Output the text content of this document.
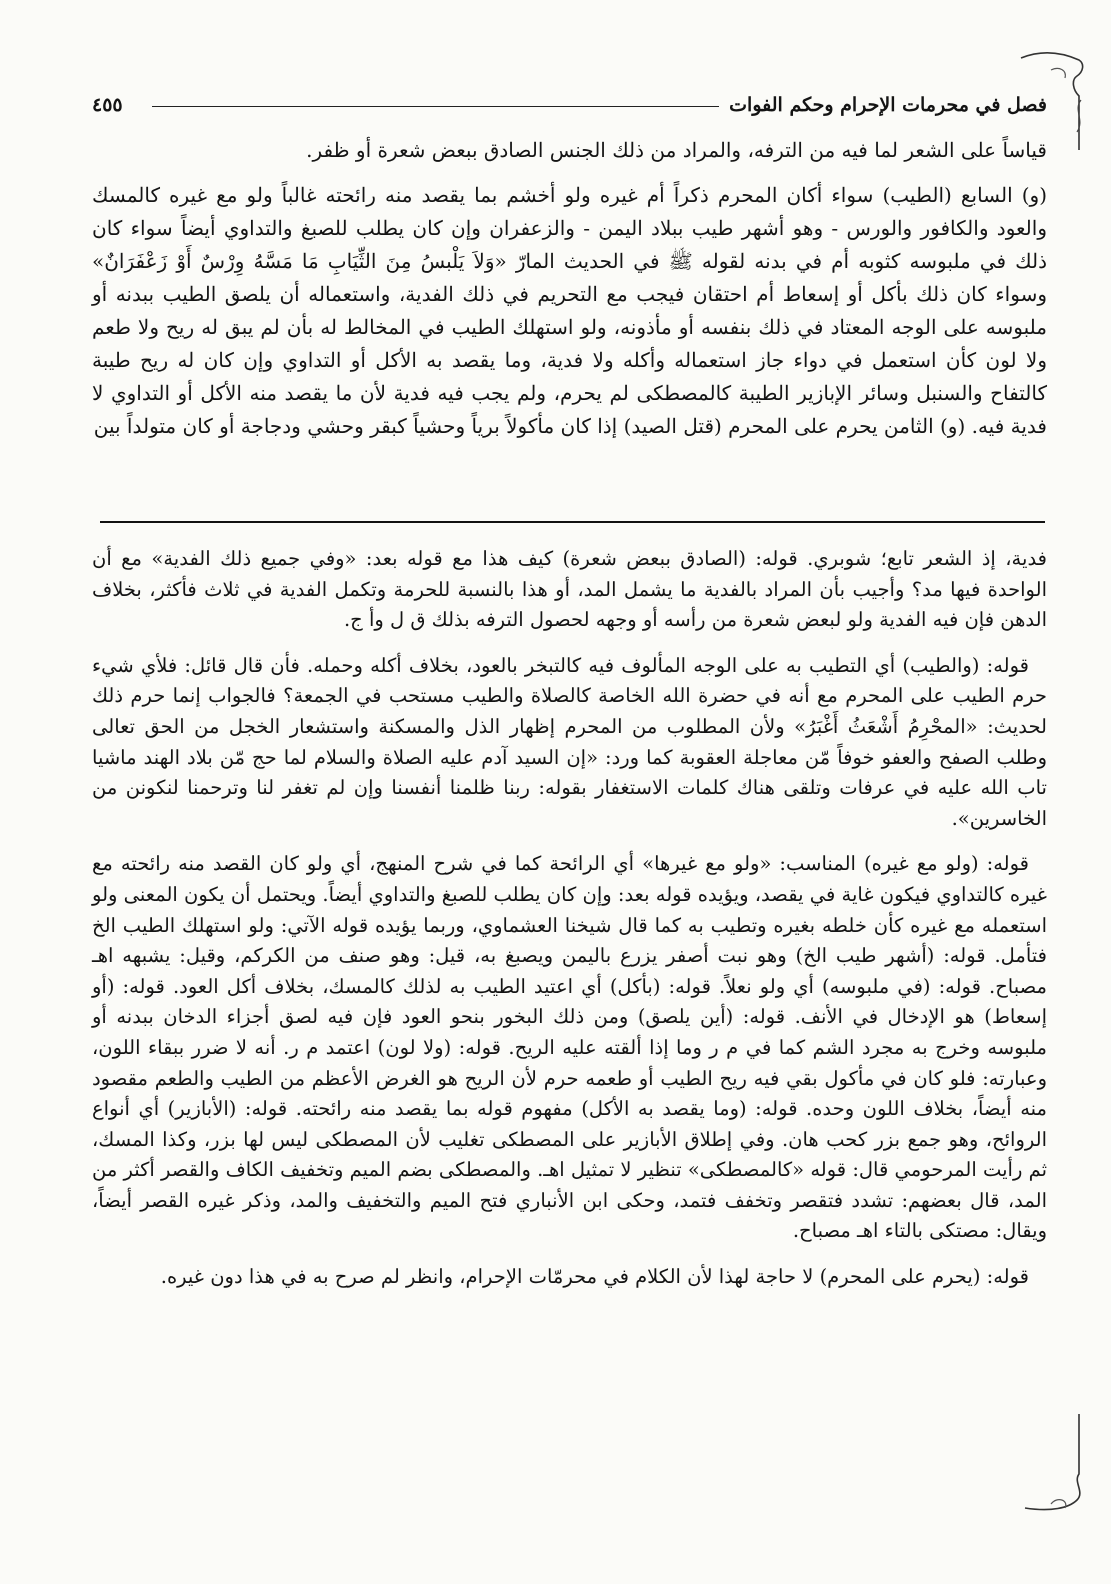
فصل في محرمات الإحرام وحكم الفوات
٤٥٥

قياساً على الشعر لما فيه من الترفه، والمراد من ذلك الجنس الصادق ببعض شعرة أو ظفر.

(و) السابع (الطيب) سواء أكان المحرم ذكراً أم غيره ولو أخشم بما يقصد منه رائحته غالباً ولو مع غيره كالمسك والعود والكافور والورس - وهو أشهر طيب ببلاد اليمن - والزعفران وإن كان يطلب للصبغ والتداوي أيضاً سواء كان ذلك في ملبوسه كثوبه أم في بدنه لقوله ﷺ في الحديث المارّ «وَلاَ يَلْبسُ مِنَ الثِّيَابِ مَا مَسَّهُ وِرْسٌ أَوْ زَعْفَرَانٌ» وسواء كان ذلك بأكل أو إسعاط أم احتقان فيجب مع التحريم في ذلك الفدية، واستعماله أن يلصق الطيب ببدنه أو ملبوسه على الوجه المعتاد في ذلك بنفسه أو مأذونه، ولو استهلك الطيب في المخالط له بأن لم يبق له ريح ولا طعم ولا لون كأن استعمل في دواء جاز استعماله وأكله ولا فدية، وما يقصد به الأكل أو التداوي وإن كان له ريح طيبة كالتفاح والسنبل وسائر الإبازير الطيبة كالمصطكى لم يحرم، ولم يجب فيه فدية لأن ما يقصد منه الأكل أو التداوي لا فدية فيه. (و) الثامن يحرم على المحرم (قتل الصيد) إذا كان مأكولاً برياً وحشياً كبقر وحشي ودجاجة أو كان متولداً بين

فدية، إذ الشعر تابع؛ شوبري. قوله: (الصادق ببعض شعرة) كيف هذا مع قوله بعد: «وفي جميع ذلك الفدية» مع أن الواحدة فيها مد؟ وأجيب بأن المراد بالفدية ما يشمل المد، أو هذا بالنسبة للحرمة وتكمل الفدية في ثلاث فأكثر، بخلاف الدهن فإن فيه الفدية ولو لبعض شعرة من رأسه أو وجهه لحصول الترفه بذلك ق ل وأ ج.

قوله: (والطيب) أي التطيب به على الوجه المألوف فيه كالتبخر بالعود، بخلاف أكله وحمله. فأن قال قائل: فلأي شيء حرم الطيب على المحرم مع أنه في حضرة الله الخاصة كالصلاة والطيب مستحب في الجمعة؟ فالجواب إنما حرم ذلك لحديث: «المحْرِمُ أَشْعَثُ أَغْبَرُ» ولأن المطلوب من المحرم إظهار الذل والمسكنة واستشعار الخجل من الحق تعالى وطلب الصفح والعفو خوفاً مّن معاجلة العقوبة كما ورد: «إن السيد آدم عليه الصلاة والسلام لما حج مّن بلاد الهند ماشيا تاب الله عليه في عرفات وتلقى هناك كلمات الاستغفار بقوله: ربنا ظلمنا أنفسنا وإن لم تغفر لنا وترحمنا لنكونن من الخاسرين».

قوله: (ولو مع غيره) المناسب: «ولو مع غيرها» أي الرائحة كما في شرح المنهج، أي ولو كان القصد منه رائحته مع غيره كالتداوي فيكون غاية في يقصد، ويؤيده قوله بعد: وإن كان يطلب للصبغ والتداوي أيضاً. ويحتمل أن يكون المعنى ولو استعمله مع غيره كأن خلطه بغيره وتطيب به كما قال شيخنا العشماوي، وربما يؤيده قوله الآتي: ولو استهلك الطيب الخ فتأمل. قوله: (أشهر طيب الخ) وهو نبت أصفر يزرع باليمن ويصبغ به، قيل: وهو صنف من الكركم، وقيل: يشبهه اهـ مصباح. قوله: (في ملبوسه) أي ولو نعلاً. قوله: (بأكل) أي اعتيد الطيب به لذلك كالمسك، بخلاف أكل العود. قوله: (أو إسعاط) هو الإدخال في الأنف. قوله: (أين يلصق) ومن ذلك البخور بنحو العود فإن فيه لصق أجزاء الدخان ببدنه أو ملبوسه وخرج به مجرد الشم كما في م ر وما إذا ألقته عليه الريح. قوله: (ولا لون) اعتمد م ر. أنه لا ضرر ببقاء اللون، وعبارته: فلو كان في مأكول بقي فيه ريح الطيب أو طعمه حرم لأن الريح هو الغرض الأعظم من الطيب والطعم مقصود منه أيضاً، بخلاف اللون وحده. قوله: (وما يقصد به الأكل) مفهوم قوله بما يقصد منه رائحته. قوله: (الأبازير) أي أنواع الروائح، وهو جمع بزر كحب هان. وفي إطلاق الأبازير على المصطكى تغليب لأن المصطكى ليس لها بزر، وكذا المسك، ثم رأيت المرحومي قال: قوله «كالمصطكى» تنظير لا تمثيل اهـ. والمصطكى بضم الميم وتخفيف الكاف والقصر أكثر من المد، قال بعضهم: تشدد فتقصر وتخفف فتمد، وحكى ابن الأنباري فتح الميم والتخفيف والمد، وذكر غيره القصر أيضاً، ويقال: مصتكى بالتاء اهـ مصباح.

قوله: (يحرم على المحرم) لا حاجة لهذا لأن الكلام في محرمّات الإحرام، وانظر لم صرح به في هذا دون غيره.
